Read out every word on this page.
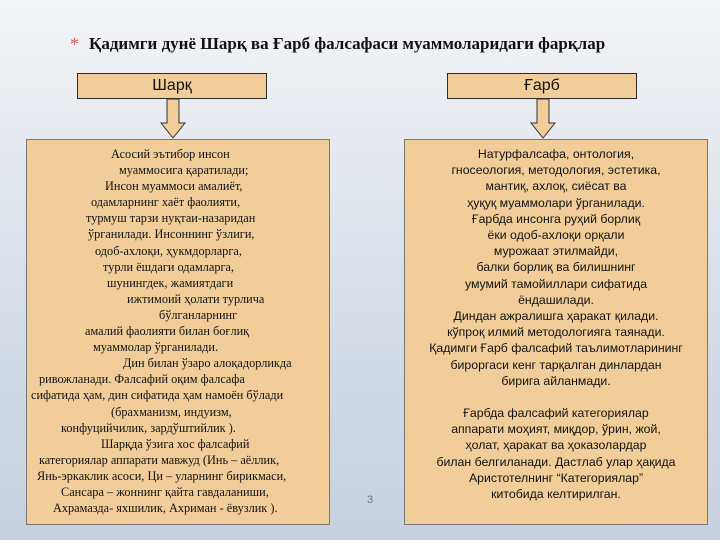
* Қадимги дунё Шарқ ва Ғарб фалсафаси муаммоларидаги фарқлар
Шарқ	Ғарб
Асосий эътибор инсон
муаммосига қаратилади;
Инсон муаммоси амалиёт,
одамларнинг хаёт фаолияти,
турмуш тарзи нуқтаи-назаридан
ўрганилади. Инсоннинг ўзлиги,
одоб-ахлоқи, ҳукмдорларга,
турли ёшдаги одамларга,
шунингдек, жамиятдаги
ижтимоий ҳолати турлича
бўлганларнинг
амалий фаолияти билан боғлиқ
муаммолар ўрганилади.
Дин билан ўзаро алоқадорликда
ривожланади. Фалсафий оқим фалсафа
сифатида ҳам, дин сифатида ҳам намоён бўлади
(брахманизм, индуизм,
конфуцийчилик, зардўштийлик ).
Шарқда ўзига хос фалсафий
категориялар аппарати мавжуд (Инь – аёллик,
Янь-эркаклик асоси, Ци – уларнинг бирикмаси,
Сансара – жоннинг қайта гавдаланиши,
Ахрамазда- яхшилик, Ахриман - ёвузлик ).
Натурфалсафа, онтология,
гносеология, методология, эстетика,
мантиқ, ахлоқ, сиёсат ва
ҳуқуқ муаммолари ўрганилади.
Ғарбда инсонга руҳий борлиқ
ёки одоб-ахлоқи орқали
мурожаат этилмайди,
балки борлиқ ва билишнинг
умумий тамойиллари сифатида
ёндашилади.
Диндан ажралишга ҳаракат қилади.
кўпроқ илмий методологияга таянади.
Қадимги Ғарб фалсафий таълимотларининг
бироргаси кенг тарқалган динлардан
бирига айланмади.
Ғарбда фалсафий категориялар
аппарати моҳият, миқдор, ўрин, жой,
ҳолат, ҳаракат ва ҳоказолардар
билан белгиланади. Дастлаб улар ҳақида
Аристотелнинг “Категориялар”
китобида келтирилган.
3
